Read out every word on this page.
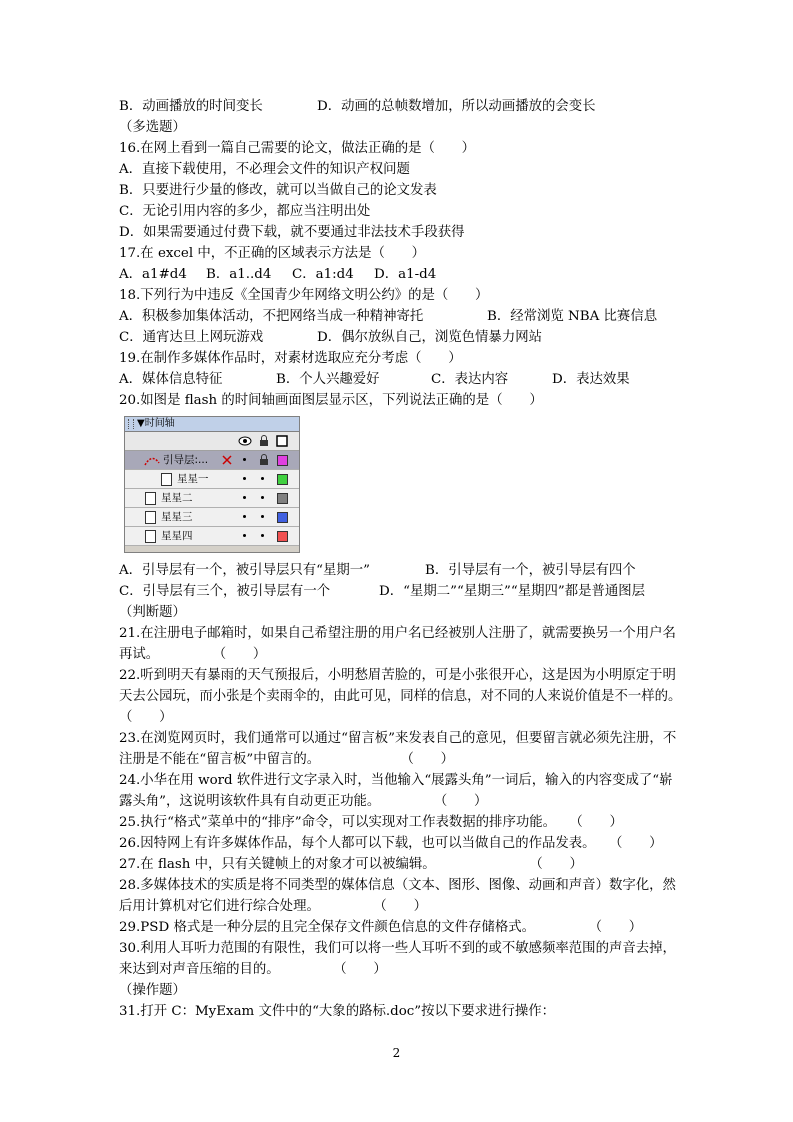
B．动画播放的时间变长	D．动画的总帧数增加，所以动画播放的会变长
（多选题）
16.在网上看到一篇自己需要的论文，做法正确的是（　　）
A．直接下载使用，不必理会文件的知识产权问题
B．只要进行少量的修改，就可以当做自己的论文发表
C．无论引用内容的多少，都应当注明出处
D．如果需要通过付费下载，就不要通过非法技术手段获得
17.在 excel 中，不正确的区域表示方法是（　　）
A．a1#d4	B．a1..d4	C．a1:d4	D．a1-d4
18.下列行为中违反《全国青少年网络文明公约》的是（　　）
A．积极参加集体活动，不把网络当成一种精神寄托	B．经常浏览 NBA 比赛信息
C．通宵达旦上网玩游戏	D．偶尔放纵自己，浏览色情暴力网站
19.在制作多媒体作品时，对素材选取应充分考虑（　　）
A．媒体信息特征	B．个人兴趣爱好	C．表达内容	D．表达效果
20.如图是 flash 的时间轴画面图层显示区，下列说法正确的是（　　）
▼时间轴
引导层:...
星星一
星星二
星星三
星星四
A．引导层有一个，被引导层只有“星期一”	B．引导层有一个，被引导层有四个
C．引导层有三个，被引导层有一个	D．“星期二”“星期三”“星期四”都是普通图层
（判断题）
21.在注册电子邮箱时，如果自己希望注册的用户名已经被别人注册了，就需要换另一个用户名再试。　　　　　（　　）
22.听到明天有暴雨的天气预报后，小明愁眉苦脸的，可是小张很开心，这是因为小明原定于明天去公园玩，而小张是个卖雨伞的，由此可见，同样的信息，对不同的人来说价值是不一样的。　　　　　（　　）
23.在浏览网页时，我们通常可以通过“留言板”来发表自己的意见，但要留言就必须先注册，不注册是不能在“留言板”中留言的。　　　　　　　（　　）
24.小华在用 word 软件进行文字录入时，当他输入“展露头角”一词后，输入的内容变成了“崭露头角”，这说明该软件具有自动更正功能。　　　　　（　　）
25.执行“格式”菜单中的“排序”命令，可以实现对工作表数据的排序功能。　　（　　）
26.因特网上有许多媒体作品，每个人都可以下载，也可以当做自己的作品发表。　　（　　）
27.在 flash 中，只有关键帧上的对象才可以被编辑。　　　　　　　　（　　）
28.多媒体技术的实质是将不同类型的媒体信息（文本、图形、图像、动画和声音）数字化，然后用计算机对它们进行综合处理。　　　　　（　　）
29.PSD 格式是一种分层的且完全保存文件颜色信息的文件存储格式。　　　　　（　　）
30.利用人耳听力范围的有限性，我们可以将一些人耳听不到的或不敏感频率范围的声音去掉，来达到对声音压缩的目的。　　　　　（　　）
（操作题）
31.打开 C：MyExam 文件中的“大象的路标.doc”按以下要求进行操作：
2
